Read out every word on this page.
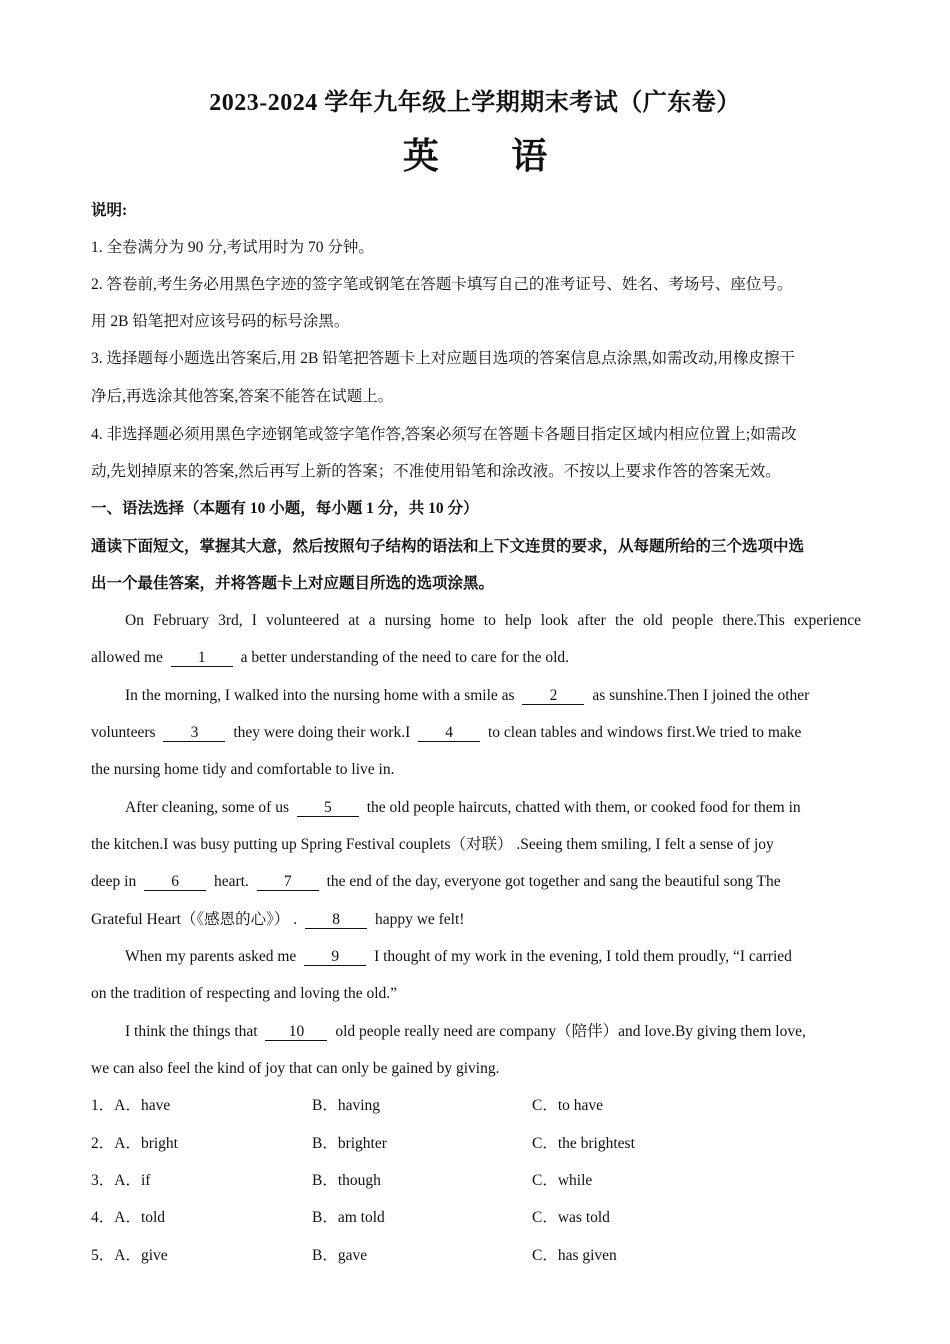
2023-2024 学年九年级上学期期末考试（广东卷）
英 语
说明:
1. 全卷满分为 90 分,考试用时为 70 分钟。
2. 答卷前,考生务必用黑色字迹的签字笔或钢笔在答题卡填写自己的准考证号、姓名、考场号、座位号。
用 2B 铅笔把对应该号码的标号涂黑。
3. 选择题每小题选出答案后,用 2B 铅笔把答题卡上对应题目选项的答案信息点涂黑,如需改动,用橡皮擦干
净后,再选涂其他答案,答案不能答在试题上。
4. 非选择题必须用黑色字迹钢笔或签字笔作答,答案必须写在答题卡各题目指定区域内相应位置上;如需改
动,先划掉原来的答案,然后再写上新的答案；不准使用铅笔和涂改液。不按以上要求作答的答案无效。
一、语法选择（本题有 10 小题，每小题 1 分，共 10 分）
通读下面短文，掌握其大意，然后按照句子结构的语法和上下文连贯的要求，从每题所给的三个选项中选
出一个最佳答案，并将答题卡上对应题目所选的选项涂黑。
On February 3rd, I volunteered at a nursing home to help look after the old people there.This experience
allowed me 1 a better understanding of the need to care for the old.
In the morning, I walked into the nursing home with a smile as 2 as sunshine.Then I joined the other
volunteers 3 they were doing their work.I 4 to clean tables and windows first.We tried to make
the nursing home tidy and comfortable to live in.
After cleaning, some of us 5 the old people haircuts, chatted with them, or cooked food for them in
the kitchen.I was busy putting up Spring Festival couplets（对联） .Seeing them smiling, I felt a sense of joy
deep in 6 heart. 7 the end of the day, everyone got together and sang the beautiful song The
Grateful Heart（《感恩的心》） . 8 happy we felt!
When my parents asked me 9 I thought of my work in the evening, I told them proudly, “I carried
on the tradition of respecting and loving the old.”
I think the things that 10 old people really need are company（陪伴）and love.By giving them love,
we can also feel the kind of joy that can only be gained by giving.
1．A．have	B．having	C．to have
2．A．bright	B．brighter	C．the brightest
3．A．if	B．though	C．while
4．A．told	B．am told	C．was told
5．A．give	B．gave	C．has given
